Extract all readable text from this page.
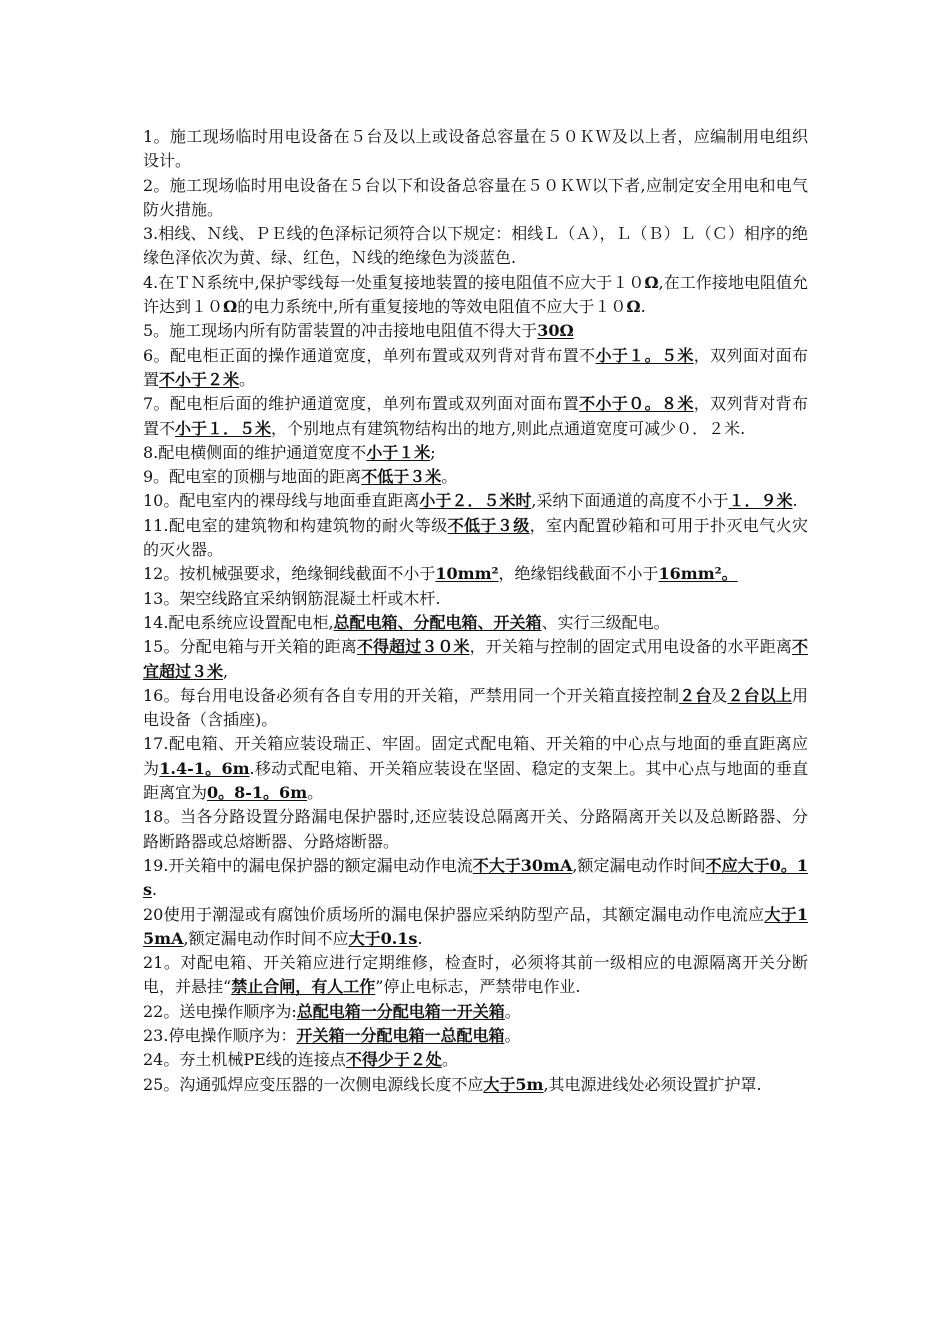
1。施工现场临时用电设备在５台及以上或设备总容量在５０ＫＷ及以上者，应编制用电组织设计。

2。施工现场临时用电设备在５台以下和设备总容量在５０ＫＷ以下者,应制定安全用电和电气防火措施。

3.相线、Ｎ线、ＰＥ线的色泽标记须符合以下规定：相线Ｌ（Ａ），Ｌ（Ｂ）Ｌ（Ｃ）相序的绝缘色泽依次为黄、绿、红色，Ｎ线的绝缘色为淡蓝色.

4.在ＴＮ系统中,保护零线每一处重复接地装置的接电阻值不应大于１０Ω,在工作接地电阻值允许达到１０Ω的电力系统中,所有重复接地的等效电阻值不应大于１０Ω.

5。施工现场内所有防雷装置的冲击接地电阻值不得大于30Ω

6。配电柜正面的操作通道宽度，单列布置或双列背对背布置不小于１。５米，双列面对面布置不小于２米。

7。配电柜后面的维护通道宽度，单列布置或双列面对面布置不小于０。８米，双列背对背布置不小于１．５米，个别地点有建筑物结构出的地方,则此点通道宽度可减少０．２米.

8.配电横侧面的维护通道宽度不小于１米;

9。配电室的顶棚与地面的距离不低于３米。

10。配电室内的裸母线与地面垂直距离小于２．５米时,采纳下面通道的高度不小于１．９米.

11.配电室的建筑物和构建筑物的耐火等级不低于３级，室内配置砂箱和可用于扑灭电气火灾的灭火器。

12。按机械强要求，绝缘铜线截面不小于10mm²，绝缘铝线截面不小于16mm²。

13。架空线路宜采纳钢筋混凝土杆或木杆.

14.配电系统应设置配电柜,总配电箱、分配电箱、开关箱、实行三级配电。

15。分配电箱与开关箱的距离不得超过３０米，开关箱与控制的固定式用电设备的水平距离不宜超过３米,

16。每台用电设备必须有各自专用的开关箱，严禁用同一个开关箱直接控制２台及２台以上用电设备（含插座)。

17.配电箱、开关箱应装设瑞正、牢固。固定式配电箱、开关箱的中心点与地面的垂直距离应为1.4-1。6m.移动式配电箱、开关箱应装设在坚固、稳定的支架上。其中心点与地面的垂直距离宜为0。8-1。6m。

18。当各分路设置分路漏电保护器时,还应装设总隔离开关、分路隔离开关以及总断路器、分路断路器或总熔断器、分路熔断器。

19.开关箱中的漏电保护器的额定漏电动作电流不大于30mA,额定漏电动作时间不应大于0。1s.

20使用于潮湿或有腐蚀价质场所的漏电保护器应采纳防型产品，其额定漏电动作电流应大于15mA,额定漏电动作时间不应大于0.1s.

21。对配电箱、开关箱应进行定期维修，检查时，必须将其前一级相应的电源隔离开关分断电，并悬挂“禁止合闸，有人工作”停止电标志，严禁带电作业.

22。送电操作顺序为:总配电箱一分配电箱一开关箱。

23.停电操作顺序为：开关箱一分配电箱一总配电箱。

24。夯土机械PE线的连接点不得少于２处。

25。沟通弧焊应变压器的一次侧电源线长度不应大于5m,其电源进线处必须设置扩护罩.
